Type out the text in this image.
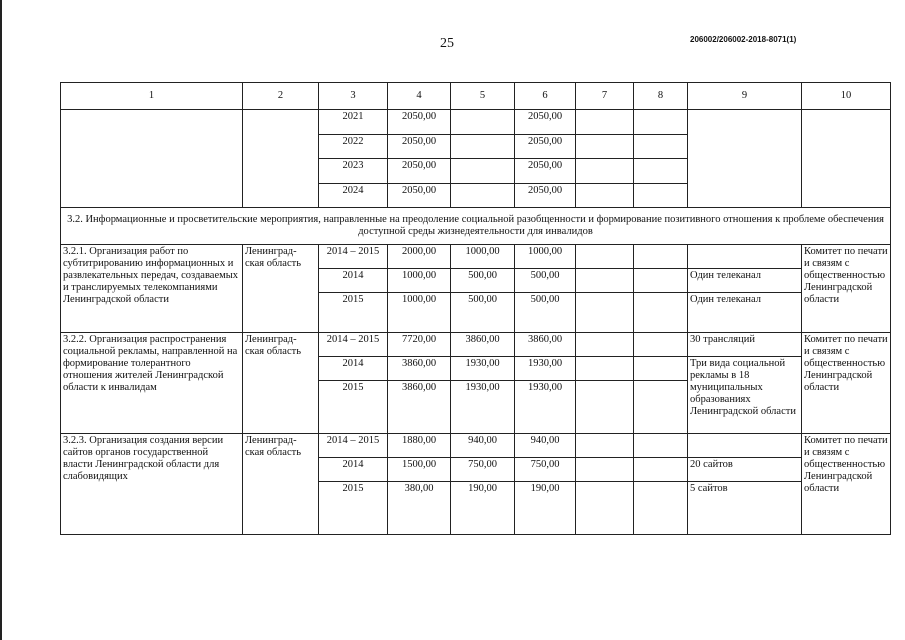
25	206002/206002-2018-8071(1)
1	2	3	4	5	6	7	8	9	10
		2021	2050,00		2050,00				
		2022	2050,00		2050,00				
		2023	2050,00		2050,00				
		2024	2050,00		2050,00				
3.2. Информационные и просветительские мероприятия, направленные на преодоление социальной разобщенности и формирование позитивного отношения к проблеме обеспечения доступной среды жизнедеятельности для инвалидов									
3.2.1. Организация работ по субтитрированию информационных и развлекательных передач, создаваемых и транслируемых телекомпаниями Ленинградской области	Ленинград- ская область	2014 – 2015	2000,00	1000,00	1000,00				Комитет по печати и связям с общественностью Ленинградской области
		2014	1000,00	500,00	500,00			Один телеканал	
		2015	1000,00	500,00	500,00			Один телеканал	
3.2.2. Организация распространения социальной рекламы, направленной на формирование толерантного отношения жителей Ленинградской области к инвалидам	Ленинград- ская область	2014 – 2015	7720,00	3860,00	3860,00			30 трансляций	Комитет по печати и связям с общественностью Ленинградской области
		2014	3860,00	1930,00	1930,00			Три вида социальной рекламы в 18 муниципальных образованиях Ленинградской области	
		2015	3860,00	1930,00	1930,00				
3.2.3. Организация создания версии сайтов органов государственной власти Ленинградской области для слабовидящих	Ленинград- ская область	2014 – 2015	1880,00	940,00	940,00				Комитет по печати и связям с общественностью Ленинградской области
		2014	1500,00	750,00	750,00			20 сайтов	
		2015	380,00	190,00	190,00			5 сайтов	
